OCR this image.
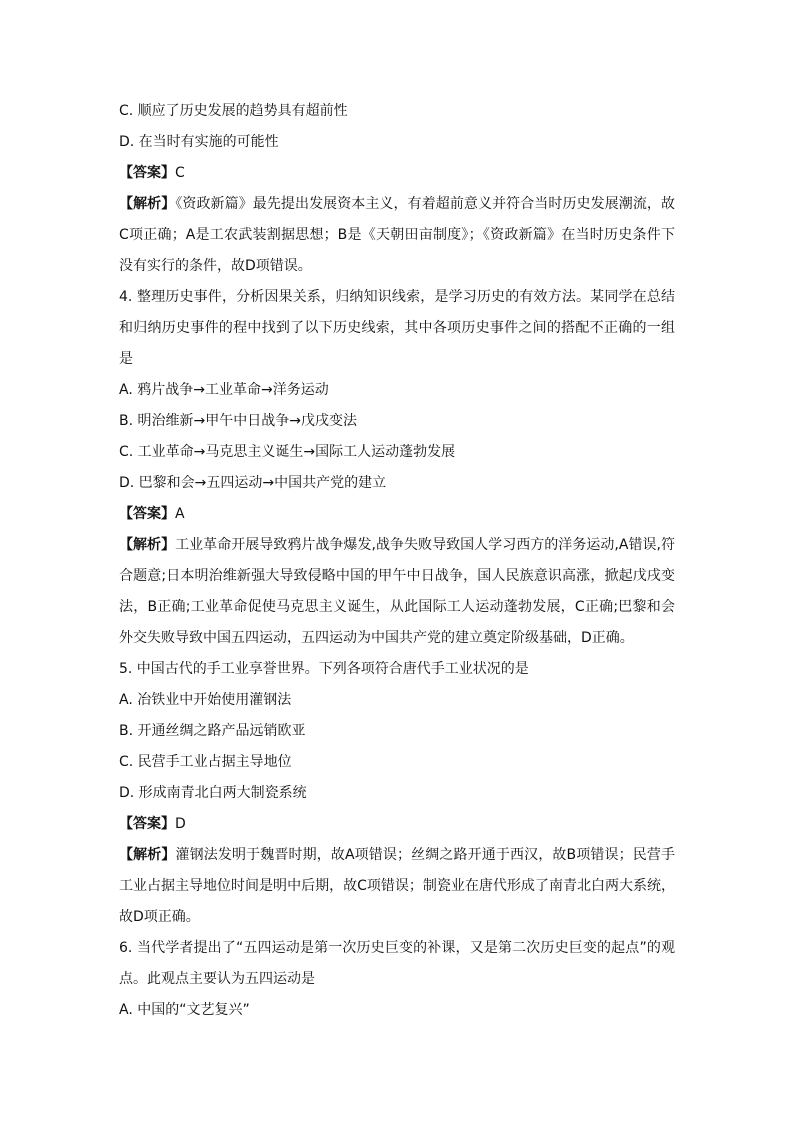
C. 顺应了历史发展的趋势具有超前性
D. 在当时有实施的可能性
【答案】C
【解析】《资政新篇》最先提出发展资本主义，有着超前意义并符合当时历史发展潮流，故C项正确；A是工农武装割据思想；B是《天朝田亩制度》；《资政新篇》在当时历史条件下没有实行的条件，故D项错误。
4. 整理历史事件，分析因果关系，归纳知识线索，是学习历史的有效方法。某同学在总结和归纳历史事件的程中找到了以下历史线索，其中各项历史事件之间的搭配不正确的一组是
A. 鸦片战争→工业革命→洋务运动
B. 明治维新→甲午中日战争→戊戌变法
C. 工业革命→马克思主义诞生→国际工人运动蓬勃发展
D. 巴黎和会→五四运动→中国共产党的建立
【答案】A
【解析】工业革命开展导致鸦片战争爆发,战争失败导致国人学习西方的洋务运动,A错误,符合题意;日本明治维新强大导致侵略中国的甲午中日战争，国人民族意识高涨，掀起戊戌变法，B正确;工业革命促使马克思主义诞生，从此国际工人运动蓬勃发展，C正确;巴黎和会外交失败导致中国五四运动，五四运动为中国共产党的建立奠定阶级基础，D正确。
5. 中国古代的手工业享誉世界。下列各项符合唐代手工业状况的是
A. 冶铁业中开始使用灌钢法
B. 开通丝绸之路产品远销欧亚
C. 民营手工业占据主导地位
D. 形成南青北白两大制瓷系统
【答案】D
【解析】灌钢法发明于魏晋时期，故A项错误；丝绸之路开通于西汉，故B项错误；民营手工业占据主导地位时间是明中后期，故C项错误；制瓷业在唐代形成了南青北白两大系统，故D项正确。
6. 当代学者提出了“五四运动是第一次历史巨变的补课，又是第二次历史巨变的起点”的观点。此观点主要认为五四运动是
A. 中国的“文艺复兴”
